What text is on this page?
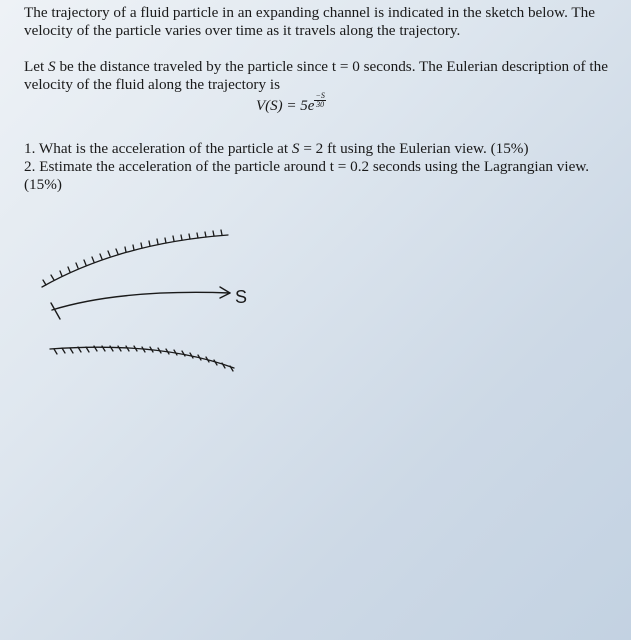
The trajectory of a fluid particle in an expanding channel is indicated in the sketch below. The velocity of the particle varies over time as it travels along the trajectory.

Let S be the distance traveled by the particle since t = 0 seconds. The Eulerian description of the velocity of the fluid along the trajectory is

$V(S) = 5e \frac{-S}{30}$

1. What is the acceleration of the particle at S = 2 ft using the Eulerian view. (15%)

2. Estimate the acceleration of the particle around t = 0.2 seconds using the Lagrangian view. (15%)

S
